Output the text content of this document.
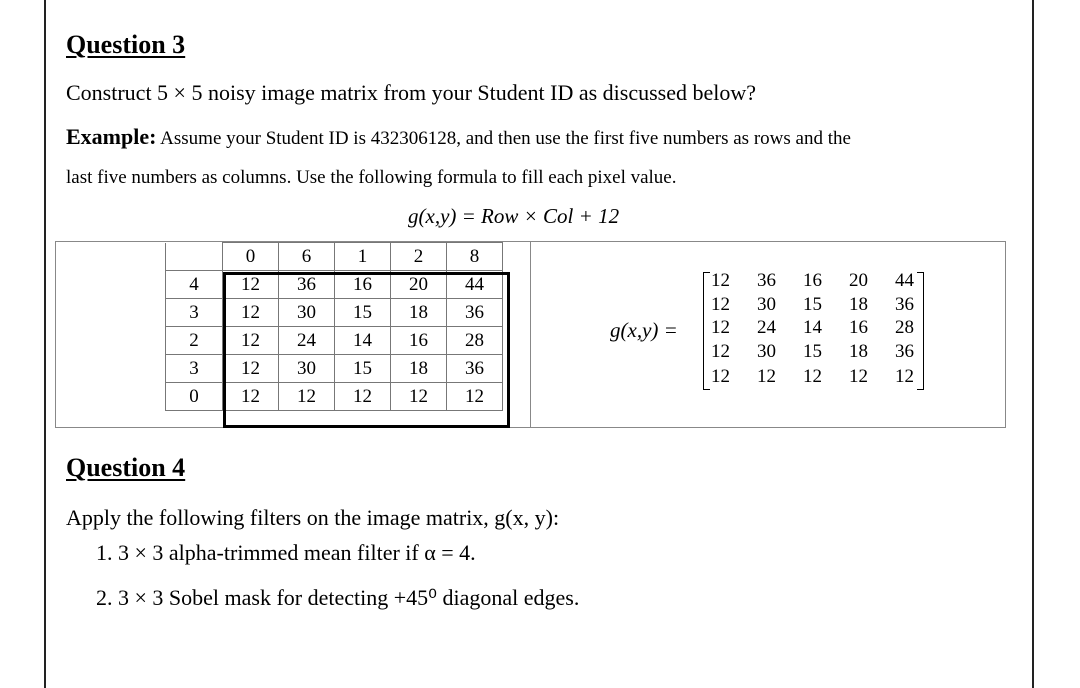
Question 3
Construct 5 × 5 noisy image matrix from your Student ID as discussed below?
Example: Assume your Student ID is 432306128, and then use the first five numbers as rows and the
last five numbers as columns. Use the following formula to fill each pixel value.
g(x,y) = Row × Col + 12
	0	6	1	2	8
4	12	36	16	20	44
3	12	30	15	18	36
2	12	24	14	16	28
3	12	30	15	18	36
0	12	12	12	12	12
g(x,y) =
12 36 16 20 44
12 30 15 18 36
12 24 14 16 28
12 30 15 18 36
12 12 12 12 12
Question 4
Apply the following filters on the image matrix, g(x, y):
1. 3 × 3 alpha-trimmed mean filter if α = 4.
2. 3 × 3 Sobel mask for detecting +45⁰ diagonal edges.
